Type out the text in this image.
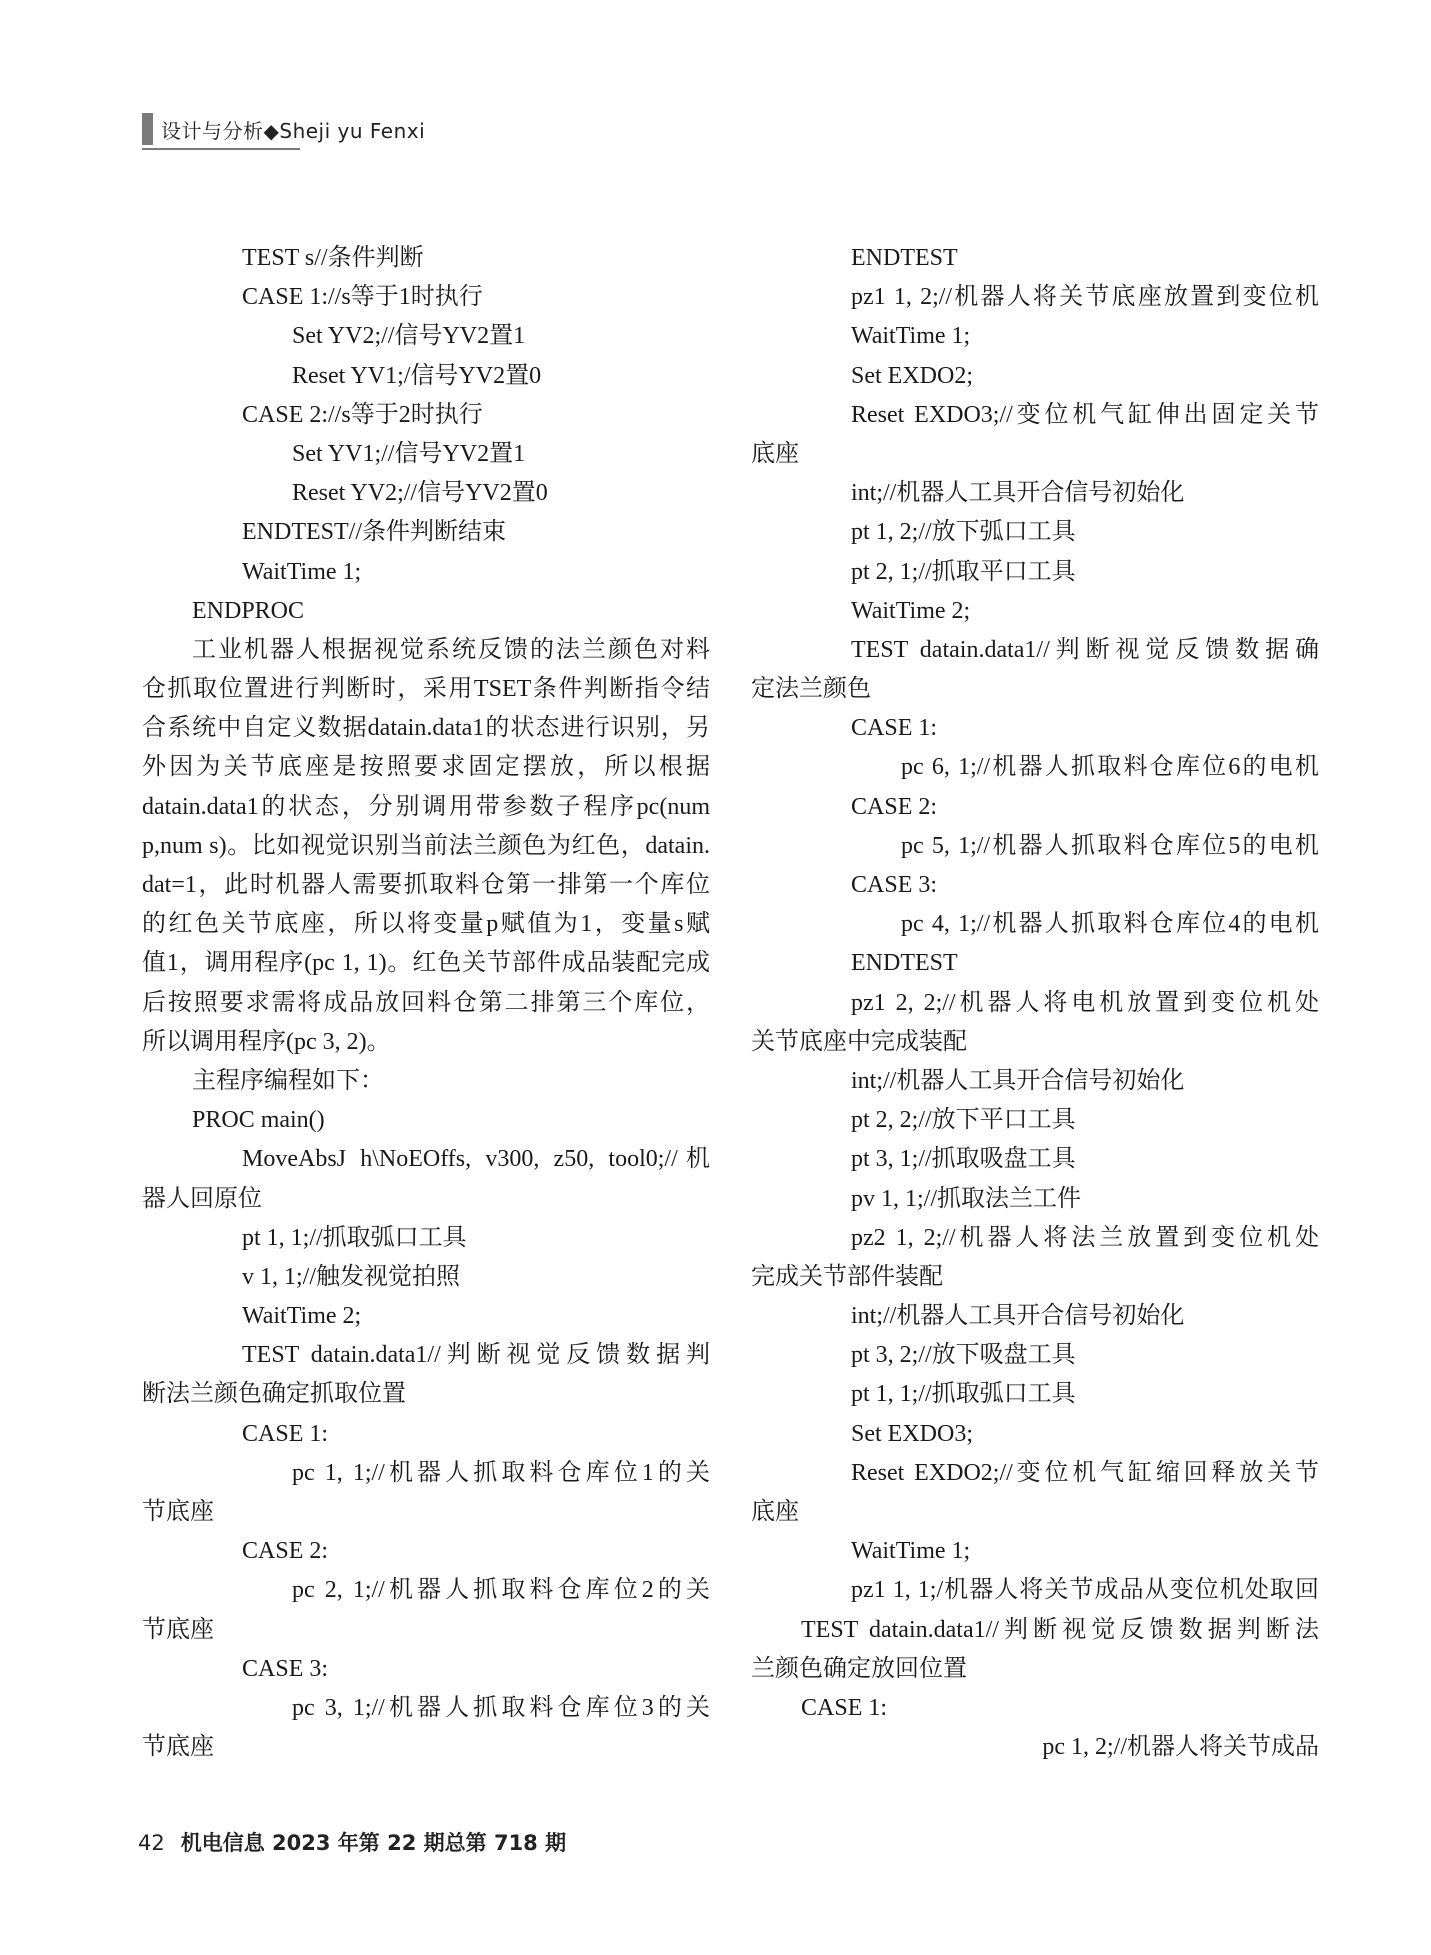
设计与分析◆Sheji yu Fenxi
TEST s//条件判断
CASE 1://s等于1时执行
Set YV2;//信号YV2置1
Reset YV1;/信号YV2置0
CASE 2://s等于2时执行
Set YV1;//信号YV2置1
Reset YV2;//信号YV2置0
ENDTEST//条件判断结束
WaitTime 1;
ENDPROC
工业机器人根据视觉系统反馈的法兰颜色对料
仓抓取位置进行判断时，采用TSET条件判断指令结
合系统中自定义数据datain.data1的状态进行识别，另
外因为关节底座是按照要求固定摆放，所以根据
datain.data1的状态，分别调用带参数子程序pc(num
p,num s)。比如视觉识别当前法兰颜色为红色，datain.
dat=1，此时机器人需要抓取料仓第一排第一个库位
的红色关节底座，所以将变量p赋值为1，变量s赋
值1，调用程序(pc 1, 1)。红色关节部件成品装配完成
后按照要求需将成品放回料仓第二排第三个库位，
所以调用程序(pc 3, 2)。
主程序编程如下：
PROC main()
MoveAbsJ h\NoEOffs, v300, z50, tool0;//机
器人回原位
pt 1, 1;//抓取弧口工具
v 1, 1;//触发视觉拍照
WaitTime 2;
TEST datain.data1//判断视觉反馈数据判
断法兰颜色确定抓取位置
CASE 1:
pc 1, 1;//机器人抓取料仓库位1的关
节底座
CASE 2:
pc 2, 1;//机器人抓取料仓库位2的关
节底座
CASE 3:
pc 3, 1;//机器人抓取料仓库位3的关
节底座
ENDTEST
pz1 1, 2;//机器人将关节底座放置到变位机
WaitTime 1;
Set EXDO2;
Reset EXDO3;//变位机气缸伸出固定关节
底座
int;//机器人工具开合信号初始化
pt 1, 2;//放下弧口工具
pt 2, 1;//抓取平口工具
WaitTime 2;
TEST datain.data1//判断视觉反馈数据确
定法兰颜色
CASE 1:
pc 6, 1;//机器人抓取料仓库位6的电机
CASE 2:
pc 5, 1;//机器人抓取料仓库位5的电机
CASE 3:
pc 4, 1;//机器人抓取料仓库位4的电机
ENDTEST
pz1 2, 2;//机器人将电机放置到变位机处
关节底座中完成装配
int;//机器人工具开合信号初始化
pt 2, 2;//放下平口工具
pt 3, 1;//抓取吸盘工具
pv 1, 1;//抓取法兰工件
pz2 1, 2;//机器人将法兰放置到变位机处
完成关节部件装配
int;//机器人工具开合信号初始化
pt 3, 2;//放下吸盘工具
pt 1, 1;//抓取弧口工具
Set EXDO3;
Reset EXDO2;//变位机气缸缩回释放关节
底座
WaitTime 1;
pz1 1, 1;/机器人将关节成品从变位机处取回
TEST datain.data1//判断视觉反馈数据判断法
兰颜色确定放回位置
CASE 1:
pc 1, 2;//机器人将关节成品
42 机电信息 2023 年第 22 期总第 718 期
